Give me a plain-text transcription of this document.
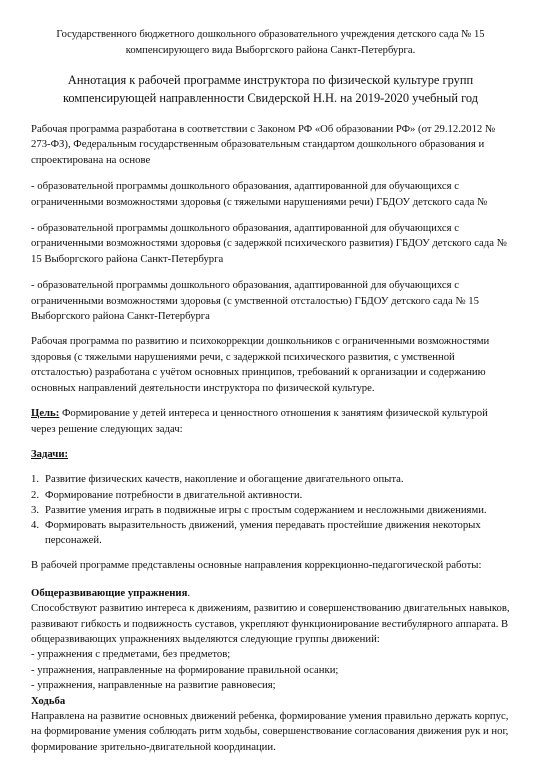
Государственного бюджетного дошкольного образовательного учреждения детского сада № 15
компенсирующего вида Выборгского района Санкт-Петербурга.
Аннотация к рабочей программе инструктора по физической культуре групп
компенсирующей направленности Свидерской Н.Н. на 2019-2020 учебный год

Рабочая программа разработана в соответствии с Законом РФ «Об образовании РФ» (от 29.12.2012 № 273-ФЗ), Федеральным государственным образовательным стандартом дошкольного образования и спроектирована на основе

- образовательной программы дошкольного образования, адаптированной для обучающихся с ограниченными возможностями здоровья (с тяжелыми нарушениями речи) ГБДОУ детского сада №

- образовательной программы дошкольного образования, адаптированной для обучающихся с ограниченными возможностями здоровья (с задержкой психического развития) ГБДОУ детского сада № 15 Выборгского района Санкт-Петербурга

- образовательной программы дошкольного образования, адаптированной для обучающихся с ограниченными возможностями здоровья (с умственной отсталостью) ГБДОУ детского сада № 15 Выборгского района Санкт-Петербурга

Рабочая программа по развитию и психокоррекции дошкольников с ограниченными возможностями здоровья (с тяжелыми нарушениями речи, с задержкой психического развития, с умственной отсталостью) разработана с учётом основных принципов, требований к организации и содержанию основных направлений деятельности инструктора по физической культуре.

Цель: Формирование у детей интереса и ценностного отношения к занятиям физической культурой через решение следующих задач:

Задачи:

1. Развитие физических качеств, накопление и обогащение двигательного опыта.
2. Формирование потребности в двигательной активности.
3. Развитие умения играть в подвижные игры с простым содержанием и несложными движениями.
4. Формировать выразительность движений, умения передавать простейшие движения некоторых персонажей.

В рабочей программе представлены основные направления коррекционно-педагогической работы:

Общеразвивающие упражнения.

Способствуют развитию интереса к движениям, развитию и совершенствованию двигательных навыков, развивают гибкость и подвижность суставов, укрепляют функционирование вестибулярного аппарата. В общеразвивающих упражнениях выделяются следующие группы движений:

- упражнения с предметами, без предметов;

- упражнения, направленные на формирование правильной осанки;

- упражнения, направленные на развитие равновесия;

Ходьба

Направлена на развитие основных движений ребенка, формирование умения правильно держать корпус, на формирование умения соблюдать ритм ходьбы, совершенствование согласования движения рук и ног, формирование зрительно-двигательной координации.
